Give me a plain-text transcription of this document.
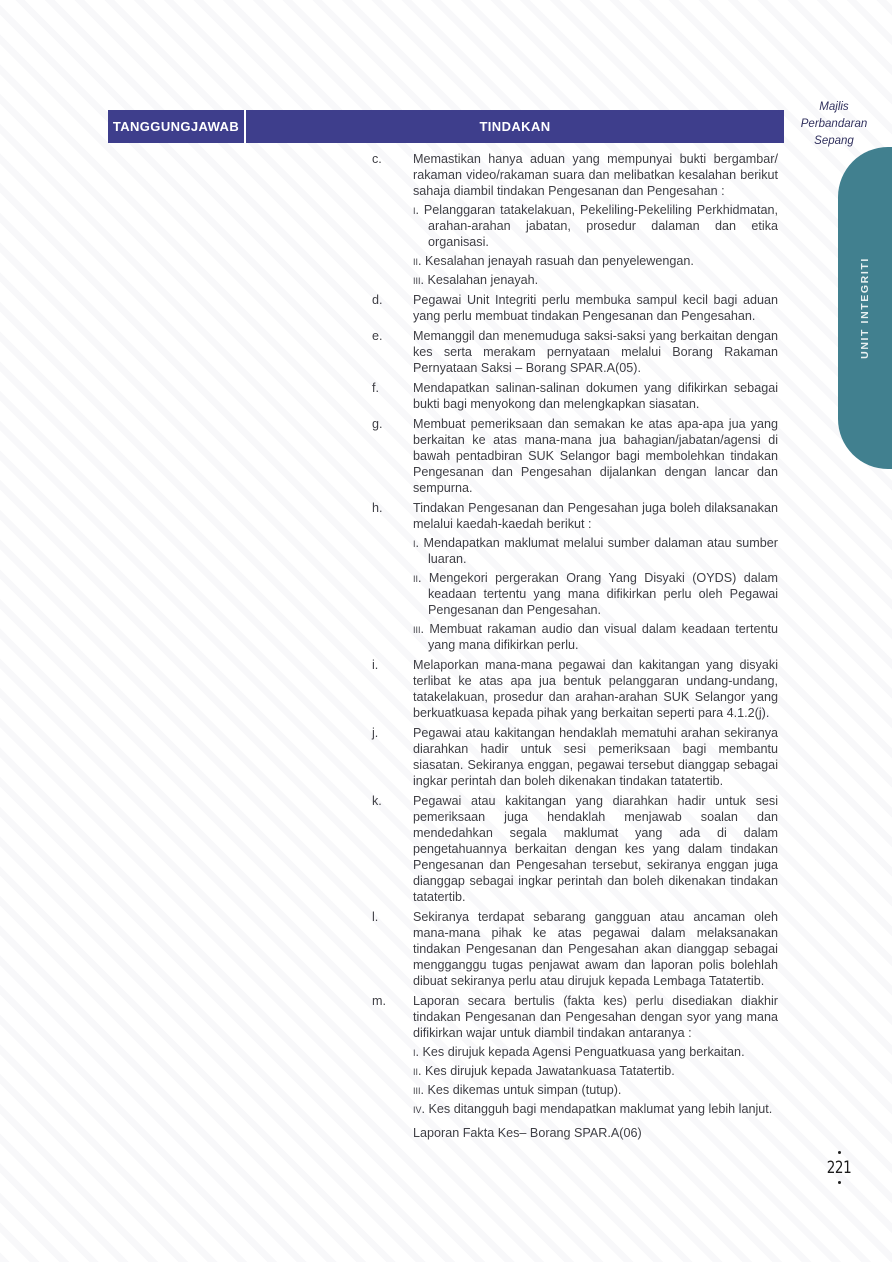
TANGGUNGJAWAB	TINDAKAN
Majlis
Perbandaran
Sepang
UNIT INTEGRITI
c.	Memastikan hanya aduan yang mempunyai bukti bergambar/ rakaman video/rakaman suara dan melibatkan kesalahan berikut sahaja diambil tindakan Pengesanan dan Pengesahan :

i. Pelanggaran tatakelakuan, Pekeliling-Pekeliling Perkhidmatan, arahan-arahan jabatan, prosedur dalaman dan etika organisasi.

ii. Kesalahan jenayah rasuah dan penyelewengan.

iii. Kesalahan jenayah.

d.	Pegawai Unit Integriti perlu membuka sampul kecil bagi aduan yang perlu membuat tindakan Pengesanan dan Pengesahan.

e.	Memanggil dan menemuduga saksi-saksi yang berkaitan dengan kes serta merakam pernyataan melalui Borang Rakaman Pernyataan Saksi – Borang SPAR.A(05).

f.	Mendapatkan salinan-salinan dokumen yang difikirkan sebagai bukti bagi menyokong dan melengkapkan siasatan.

g.	Membuat pemeriksaan dan semakan ke atas apa-apa jua yang berkaitan ke atas mana-mana jua bahagian/jabatan/agensi di bawah pentadbiran SUK Selangor bagi membolehkan tindakan Pengesanan dan Pengesahan dijalankan dengan lancar dan sempurna.

h.	Tindakan Pengesanan dan Pengesahan juga boleh dilaksanakan melalui kaedah-kaedah berikut :

i. Mendapatkan maklumat melalui sumber dalaman atau sumber luaran.

ii. Mengekori pergerakan Orang Yang Disyaki (OYDS) dalam keadaan tertentu yang mana difikirkan perlu oleh Pegawai Pengesanan dan Pengesahan.

iii. Membuat rakaman audio dan visual dalam keadaan tertentu yang mana difikirkan perlu.

i.	Melaporkan mana-mana pegawai dan kakitangan yang disyaki terlibat ke atas apa jua bentuk pelanggaran undang-undang, tatakelakuan, prosedur dan arahan-arahan SUK Selangor yang berkuatkuasa kepada pihak yang berkaitan seperti para 4.1.2(j).

j.	Pegawai atau kakitangan hendaklah mematuhi arahan sekiranya diarahkan hadir untuk sesi pemeriksaan bagi membantu siasatan. Sekiranya enggan, pegawai tersebut dianggap sebagai ingkar perintah dan boleh dikenakan tindakan tatatertib.

k.	Pegawai atau kakitangan yang diarahkan hadir untuk sesi pemeriksaan juga hendaklah menjawab soalan dan mendedahkan segala maklumat yang ada di dalam pengetahuannya berkaitan dengan kes yang dalam tindakan Pengesanan dan Pengesahan tersebut, sekiranya enggan juga dianggap sebagai ingkar perintah dan boleh dikenakan tindakan tatatertib.

l.	Sekiranya terdapat sebarang gangguan atau ancaman oleh mana-mana pihak ke atas pegawai dalam melaksanakan tindakan Pengesanan dan Pengesahan akan dianggap sebagai mengganggu tugas penjawat awam dan laporan polis bolehlah dibuat sekiranya perlu atau dirujuk kepada Lembaga Tatatertib.

m.	Laporan secara bertulis (fakta kes) perlu disediakan diakhir tindakan Pengesanan dan Pengesahan dengan syor yang mana difikirkan wajar untuk diambil tindakan antaranya :

i. Kes dirujuk kepada Agensi Penguatkuasa yang berkaitan.

ii. Kes dirujuk kepada Jawatankuasa Tatatertib.

iii. Kes dikemas untuk simpan (tutup).

iv. Kes ditangguh bagi mendapatkan maklumat yang lebih lanjut.

Laporan Fakta Kes– Borang SPAR.A(06)

221
